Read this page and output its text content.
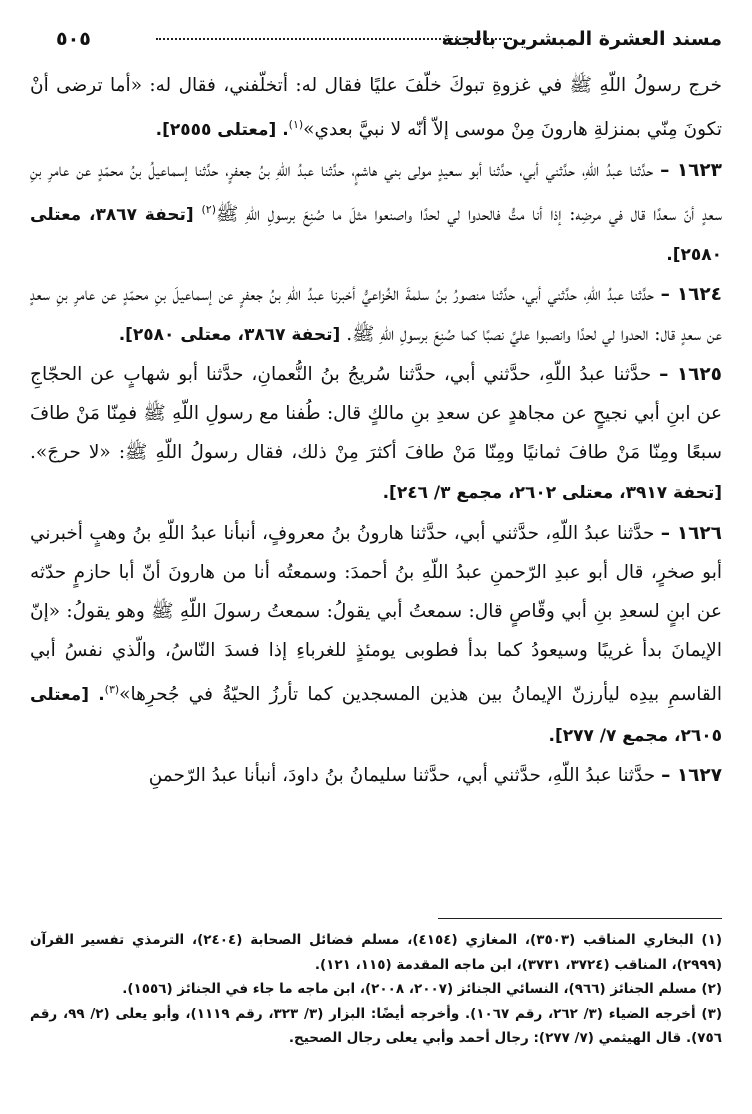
مسند العشرة المبشرين بالجنة
٥٠٥

خرج رسولُ اللّهِ ﷺ في غزوةِ تبوكَ خلّفَ عليًا فقال له: أتخلّفني، فقال له: «أما ترضى أنْ تكونَ مِنّي بمنزلةِ هارونَ مِنْ موسى إلاّ أنّه لا نبيَّ بعدي»$^{(١)}$. [معتلى ٢٥٥٥].

١٦٢٣ – حدَّثنا عبدُ اللّهِ، حدَّثني أبي، حدَّثنا أبو سعيدٍ مولى بني هاشمٍ، حدَّثنا عبدُ اللّهِ بنُ جعفرٍ، حدَّثنا إسماعيلُ بنُ محمّدٍ عن عامرِ بنِ سعدٍ أنّ سعدًا قال في مرضِه: إذا أنا متُّ فالحدوا لي لحدًا واصنعوا مثلَ ما صُنِعَ برسولِ اللّهِ ﷺ$^{(٢)}$ [تحفة ٣٨٦٧، معتلى ٢٥٨٠].

١٦٢٤ – حدَّثنا عبدُ اللّهِ، حدَّثني أبي، حدَّثنا منصورُ بنُ سلمةَ الخُزاعيُّ أخبرنا عبدُ اللّهِ بنُ جعفرٍ عن إسماعيلَ بنِ محمّدٍ عن عامرِ بنِ سعدٍ عن سعدٍ قال: الحدوا لي لحدًا وانصبوا عليَّ نصبًا كما صُنِعَ برسولِ اللّهِ ﷺ. [تحفة ٣٨٦٧، معتلى ٢٥٨٠].

١٦٢٥ – حدَّثنا عبدُ اللّهِ، حدَّثني أبي، حدَّثنا سُريجُ بنُ النُّعمانِ، حدَّثنا أبو شهابٍ عن الحجّاجِ عن ابنِ أبي نجيحٍ عن مجاهدٍ عن سعدِ بنِ مالكٍ قال: طُفنا مع رسولِ اللّهِ ﷺ فمِنّا مَنْ طافَ سبعًا ومِنّا مَنْ طافَ ثمانيًا ومِنّا مَنْ طافَ أكثرَ مِنْ ذلك، فقال رسولُ اللّهِ ﷺ: «لا حرجَ». [تحفة ٣٩١٧، معتلى ٢٦٠٢، مجمع ٣/ ٢٤٦].

١٦٢٦ – حدَّثنا عبدُ اللّهِ، حدَّثني أبي، حدَّثنا هارونُ بنُ معروفٍ، أنبأنا عبدُ اللّهِ بنُ وهبٍ أخبرني أبو صخرٍ، قال أبو عبدِ الرّحمنِ عبدُ اللّهِ بنُ أحمدَ: وسمعتُه أنا من هارونَ أنّ أبا حازمٍ حدّثه عن ابنٍ لسعدِ بنِ أبي وقّاصٍ قال: سمعتُ أبي يقولُ: سمعتُ رسولَ اللّهِ ﷺ وهو يقولُ: «إنّ الإيمانَ بدأ غريبًا وسيعودُ كما بدأ فطوبى يومئذٍ للغرباءِ إذا فسدَ النّاسُ، والّذي نفسُ أبي القاسمِ بيدِه ليأرزنّ الإيمانُ بين هذين المسجدين كما تأرزُ الحيّةُ في جُحرِها»$^{(٣)}$. [معتلى ٢٦٠٥، مجمع ٧/ ٢٧٧].

١٦٢٧ – حدَّثنا عبدُ اللّهِ، حدَّثني أبي، حدَّثنا سليمانُ بنُ داودَ، أنبأنا عبدُ الرّحمنِ

(١) البخاري المناقب (٣٥٠٣)، المغازي (٤١٥٤)، مسلم فضائل الصحابة (٢٤٠٤)، الترمذي تفسير القرآن (٢٩٩٩)، المناقب (٣٧٢٤، ٣٧٣١)، ابن ماجه المقدمة (١١٥، ١٢١).

(٢) مسلم الجنائز (٩٦٦)، النسائي الجنائز (٢٠٠٧، ٢٠٠٨)، ابن ماجه ما جاء في الجنائز (١٥٥٦).

(٣) أخرجه الضياء (٣/ ٢٦٢، رقم ١٠٦٧). وأخرجه أيضًا: البزار (٣/ ٣٢٣، رقم ١١١٩)، وأبو يعلى (٢/ ٩٩، رقم ٧٥٦). قال الهيثمي (٧/ ٢٧٧): رجال أحمد وأبي يعلى رجال الصحيح.
